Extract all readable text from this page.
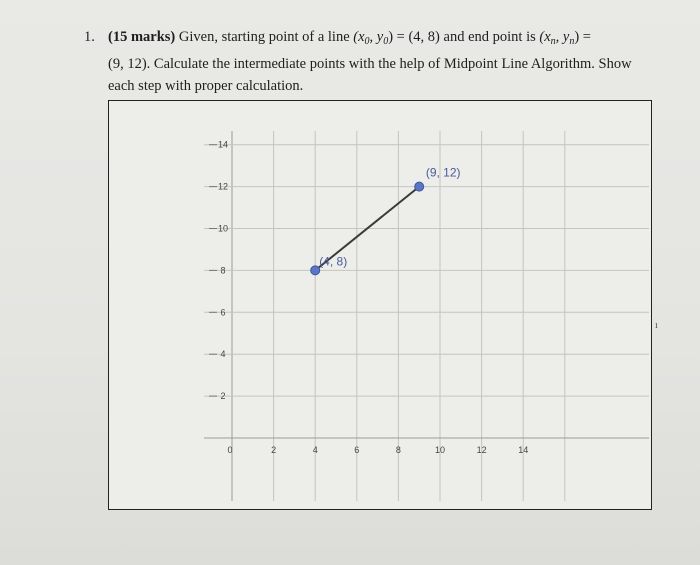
1. (15 marks) Given, starting point of a line ($x_0$, $y_0) = (4$, 8) and end point is ($x_n$, $y_n$) =
(9, 12). Calculate the intermediate points with the help of Midpoint Line Algorithm. Show each step with proper calculation.
2
4
6
8
10
12
14
0	2	4	6	8	10	12	14
(4, 8)
(9, 12)
ı
